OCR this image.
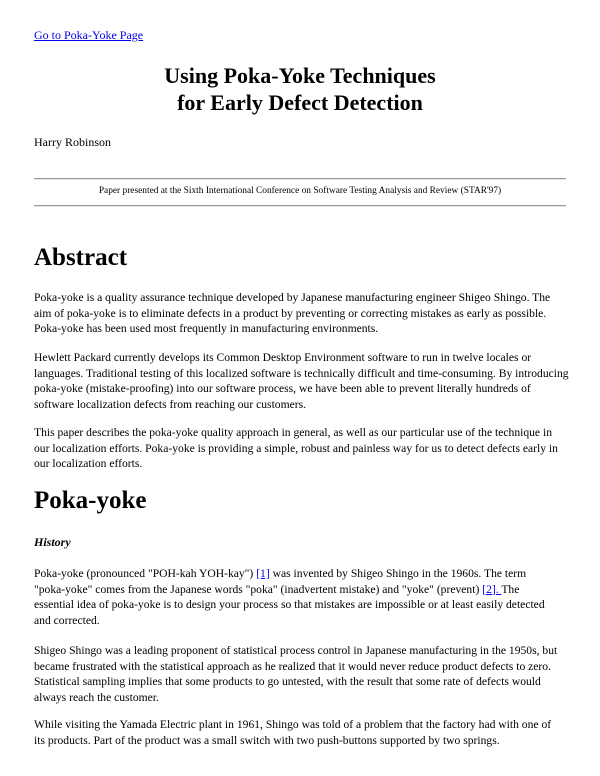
Go to Poka-Yoke Page
Using Poka-Yoke Techniques
for Early Defect Detection

Harry Robinson

Paper presented at the Sixth International Conference on Software Testing Analysis and Review (STAR'97)

Abstract

Poka-yoke is a quality assurance technique developed by Japanese manufacturing engineer Shigeo Shingo. The
aim of poka-yoke is to eliminate defects in a product by preventing or correcting mistakes as early as possible.
Poka-yoke has been used most frequently in manufacturing environments.

Hewlett Packard currently develops its Common Desktop Environment software to run in twelve locales or
languages. Traditional testing of this localized software is technically difficult and time-consuming. By introducing
poka-yoke (mistake-proofing) into our software process, we have been able to prevent literally hundreds of
software localization defects from reaching our customers.

This paper describes the poka-yoke quality approach in general, as well as our particular use of the technique in
our localization efforts. Poka-yoke is providing a simple, robust and painless way for us to detect defects early in
our localization efforts.

Poka-yoke
History

Poka-yoke (pronounced "POH-kah YOH-kay") [1] was invented by Shigeo Shingo in the 1960s. The term
"poka-yoke" comes from the Japanese words "poka" (inadvertent mistake) and "yoke" (prevent) [2]. The
essential idea of poka-yoke is to design your process so that mistakes are impossible or at least easily detected
and corrected.

Shigeo Shingo was a leading proponent of statistical process control in Japanese manufacturing in the 1950s, but
became frustrated with the statistical approach as he realized that it would never reduce product defects to zero.
Statistical sampling implies that some products to go untested, with the result that some rate of defects would
always reach the customer.

While visiting the Yamada Electric plant in 1961, Shingo was told of a problem that the factory had with one of
its products. Part of the product was a small switch with two push-buttons supported by two springs.
